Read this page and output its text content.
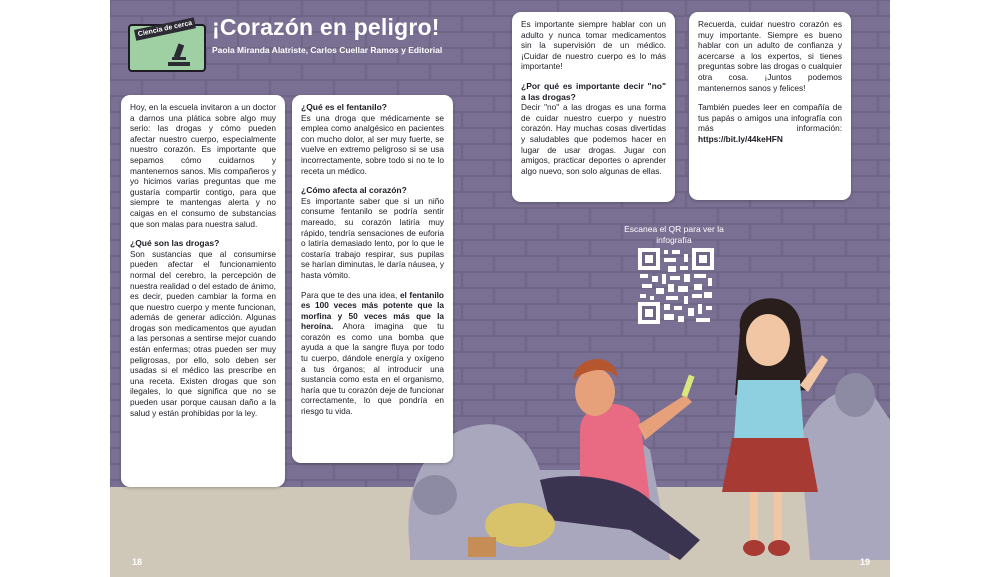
Ciencia de cerca ¡Corazón en peligro!
Paola Miranda Alatriste, Carlos Cuellar Ramos y Editorial

Hoy, en la escuela invitaron a un doctor a darnos una plática sobre algo muy serio: las drogas y cómo pueden afectar nuestro cuerpo, especialmente nuestro corazón. Es importante que sepamos cómo cuidarnos y mantenernos sanos. Mis compañeros y yo hicimos varias preguntas que me gustaría compartir contigo, para que siempre te mantengas alerta y no caigas en el consumo de substancias que son malas para nuestra salud.

¿Qué son las drogas?

Son sustancias que al consumirse pueden afectar el funcionamiento normal del cerebro, la percepción de nuestra realidad o del estado de ánimo, es decir, pueden cambiar la forma en que nuestro cuerpo y mente funcionan, además de generar adicción. Algunas drogas son medicamentos que ayudan a las personas a sentirse mejor cuando están enfermas; otras pueden ser muy peligrosas, por ello, solo deben ser usadas si el médico las prescribe en una receta. Existen drogas que son ilegales, lo que significa que no se pueden usar porque causan daño a la salud y están prohibidas por la ley.

¿Qué es el fentanilo?

Es una droga que médicamente se emplea como analgésico en pacientes con mucho dolor, al ser muy fuerte, se vuelve en extremo peligroso si se usa incorrectamente, sobre todo si no te lo receta un médico.

¿Cómo afecta al corazón?

Es importante saber que si un niño consume fentanilo se podría sentir mareado, su corazón latiría muy rápido, tendría sensaciones de euforia o latiría demasiado lento, por lo que le costaría trabajo respirar, sus pupilas se harían diminutas, le daría náusea, y hasta vómito.

Para que te des una idea, el fentanilo es 100 veces más potente que la morfina y 50 veces más que la heroína. Ahora imagina que tu corazón es como una bomba que ayuda a que la sangre fluya por todo tu cuerpo, dándole energía y oxígeno a tus órganos; al introducir una sustancia como esta en el organismo, haría que tu corazón deje de funcionar correctamente, lo que pondría en riesgo tu vida.

Es importante siempre hablar con un adulto y nunca tomar medicamentos sin la supervisión de un médico. ¡Cuidar de nuestro cuerpo es lo más importante!

¿Por qué es importante decir "no" a las drogas?

Decir "no" a las drogas es una forma de cuidar nuestro cuerpo y nuestro corazón. Hay muchas cosas divertidas y saludables que podemos hacer en lugar de usar drogas. Jugar con amigos, practicar deportes o aprender algo nuevo, son solo algunas de ellas.

Recuerda, cuidar nuestro corazón es muy importante. Siempre es bueno hablar con un adulto de confianza y acercarse a los expertos, si tienes preguntas sobre las drogas o cualquier otra cosa. ¡Juntos podemos mantenernos sanos y felices!

También puedes leer en compañía de tus papás o amigos una infografía con más información: https://bit.ly/44keHFN

Escanea el QR para ver la infografía
18	19
